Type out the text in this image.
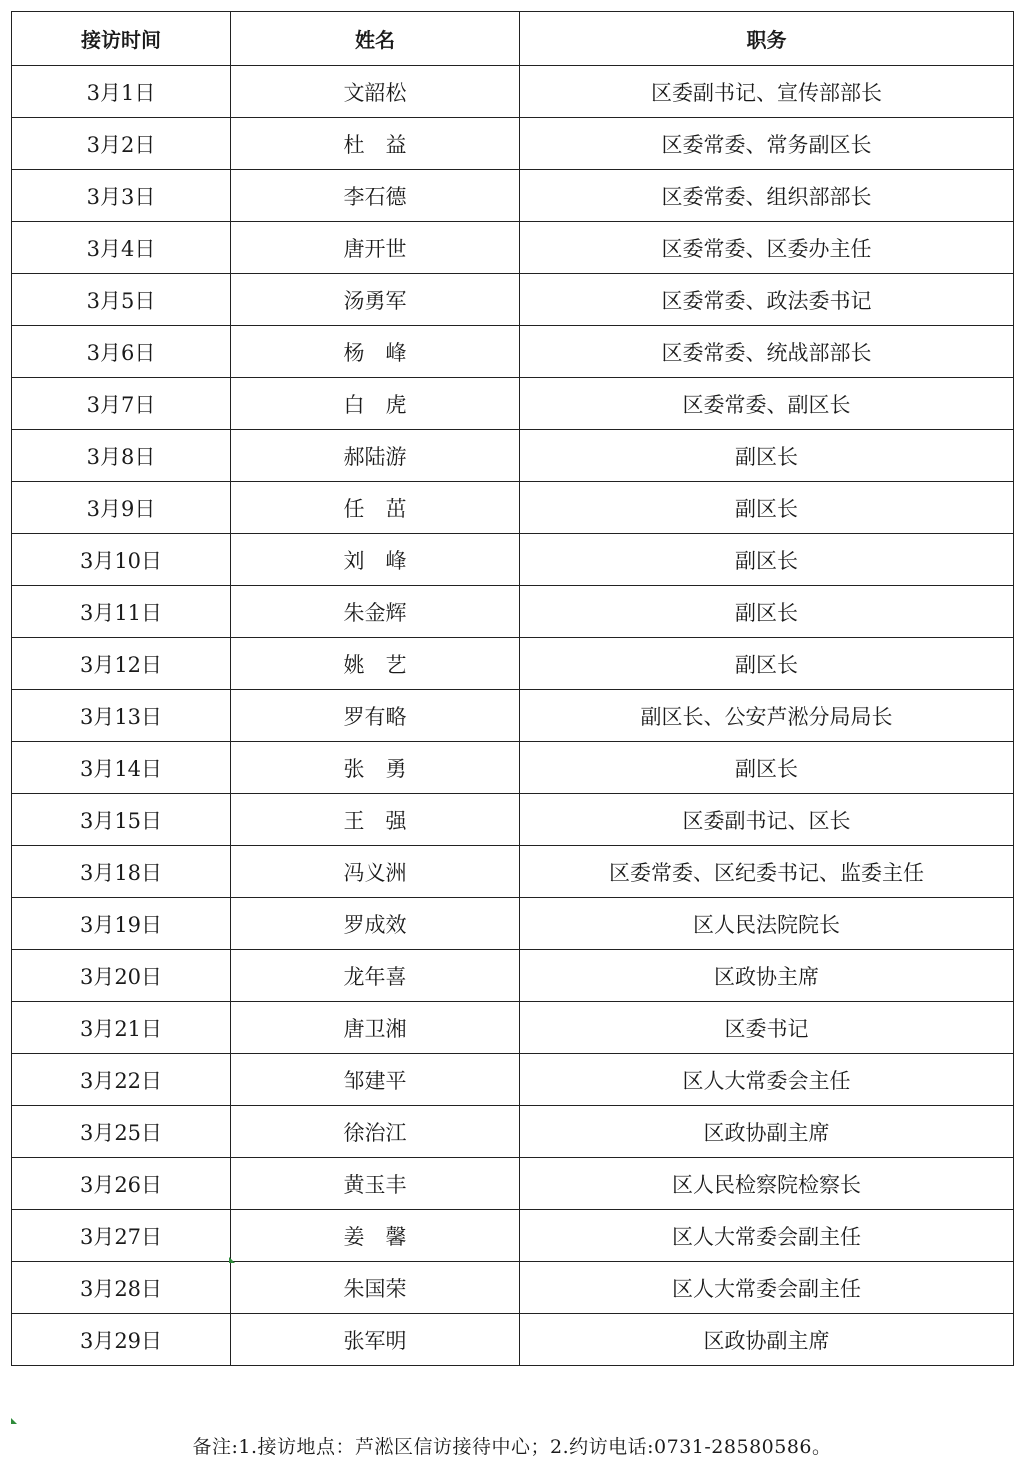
接访时间	姓名	职务
3月1日	文韶松	区委副书记、宣传部部长
3月2日	杜　益	区委常委、常务副区长
3月3日	李石德	区委常委、组织部部长
3月4日	唐开世	区委常委、区委办主任
3月5日	汤勇军	区委常委、政法委书记
3月6日	杨　峰	区委常委、统战部部长
3月7日	白　虎	区委常委、副区长
3月8日	郝陆游	副区长
3月9日	任　茁	副区长
3月10日	刘　峰	副区长
3月11日	朱金辉	副区长
3月12日	姚　艺	副区长
3月13日	罗有略	副区长、公安芦淞分局局长
3月14日	张　勇	副区长
3月15日	王　强	区委副书记、区长
3月18日	冯义洲	区委常委、区纪委书记、监委主任
3月19日	罗成效	区人民法院院长
3月20日	龙年喜	区政协主席
3月21日	唐卫湘	区委书记
3月22日	邹建平	区人大常委会主任
3月25日	徐治江	区政协副主席
3月26日	黄玉丰	区人民检察院检察长
3月27日	姜　馨	区人大常委会副主任
3月28日	朱国荣	区人大常委会副主任
3月29日	张军明	区政协副主席
备注:1.接访地点：芦淞区信访接待中心；2.约访电话:0731-28580586。
